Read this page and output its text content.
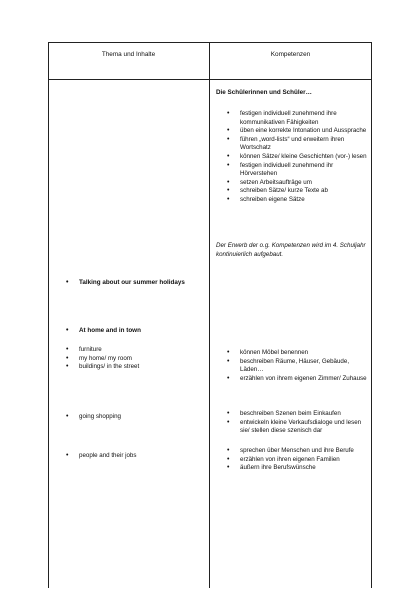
Thema und Inhalte	Kompetenzen
Die Schülerinnen und Schüler…
• festigen individuell zunehmend ihre kommunikativen Fähigkeiten
• üben eine korrekte Intonation und Aussprache
• führen „word-lists“ und erweitern ihren Wortschatz
• können Sätze/ kleine Geschichten (vor-) lesen
• festigen individuell zunehmend ihr Hörverstehen
• setzen Arbeitsaufträge um
• schreiben Sätze/ kurze Texte ab
• schreiben eigene Sätze
Der Erwerb der o.g. Kompetenzen wird im 4. Schuljahr kontinuierlich aufgebaut.
• können Möbel benennen
• beschreiben Räume, Häuser, Gebäude, Läden…
• erzählen von ihrem eigenen Zimmer/ Zuhause
• beschreiben Szenen beim Einkaufen
• entwickeln kleine Verkaufsdialoge und lesen sie/ stellen diese szenisch dar
• sprechen über Menschen und ihre Berufe
• erzählen von ihren eigenen Familien
• äußern ihre Berufswünsche
• Talking about our summer holidays
• At home and in town
• furniture
• my home/ my room
• buildings/ in the street
• going shopping
• people and their jobs
